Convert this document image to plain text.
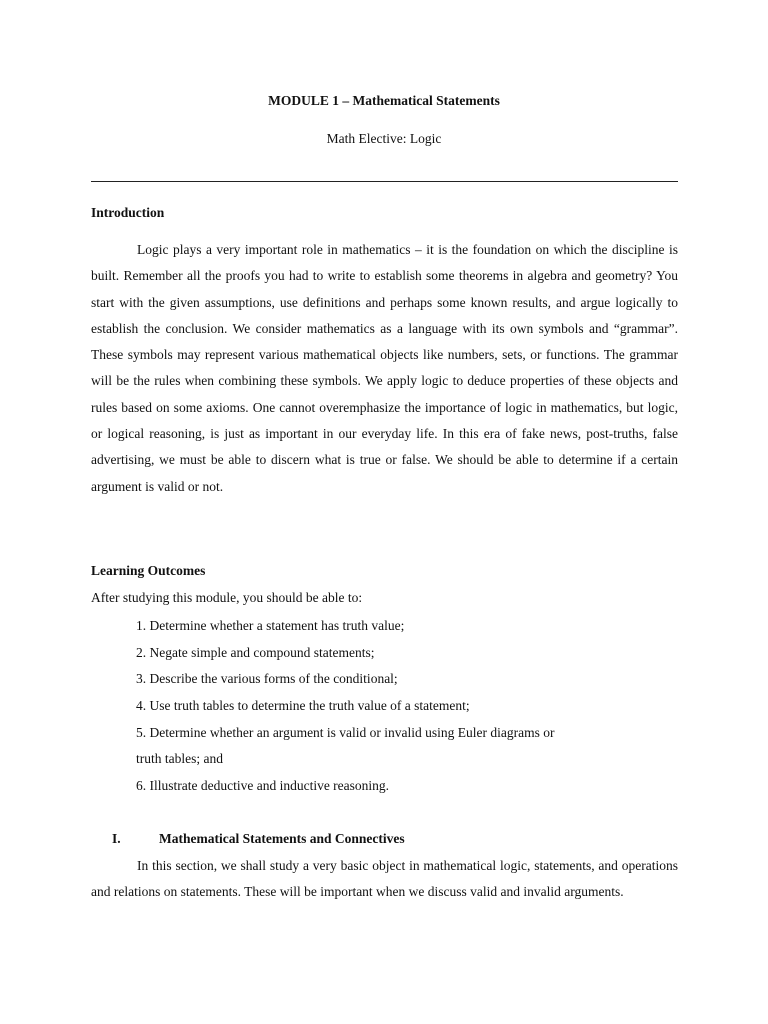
MODULE 1 – Mathematical Statements
Math Elective: Logic
Introduction

Logic plays a very important role in mathematics – it is the foundation on which the discipline is built. Remember all the proofs you had to write to establish some theorems in algebra and geometry? You start with the given assumptions, use definitions and perhaps some known results, and argue logically to establish the conclusion. We consider mathematics as a language with its own symbols and “grammar”. These symbols may represent various mathematical objects like numbers, sets, or functions. The grammar will be the rules when combining these symbols. We apply logic to deduce properties of these objects and rules based on some axioms. One cannot overemphasize the importance of logic in mathematics, but logic, or logical reasoning, is just as important in our everyday life. In this era of fake news, post-truths, false advertising, we must be able to discern what is true or false. We should be able to determine if a certain argument is valid or not.

Learning Outcomes
After studying this module, you should be able to:
1. Determine whether a statement has truth value;
2. Negate simple and compound statements;
3. Describe the various forms of the conditional;
4. Use truth tables to determine the truth value of a statement;
5. Determine whether an argument is valid or invalid using Euler diagrams or
truth tables; and
6. Illustrate deductive and inductive reasoning.
I.	Mathematical Statements and Connectives

In this section, we shall study a very basic object in mathematical logic, statements, and operations and relations on statements. These will be important when we discuss valid and invalid arguments.
